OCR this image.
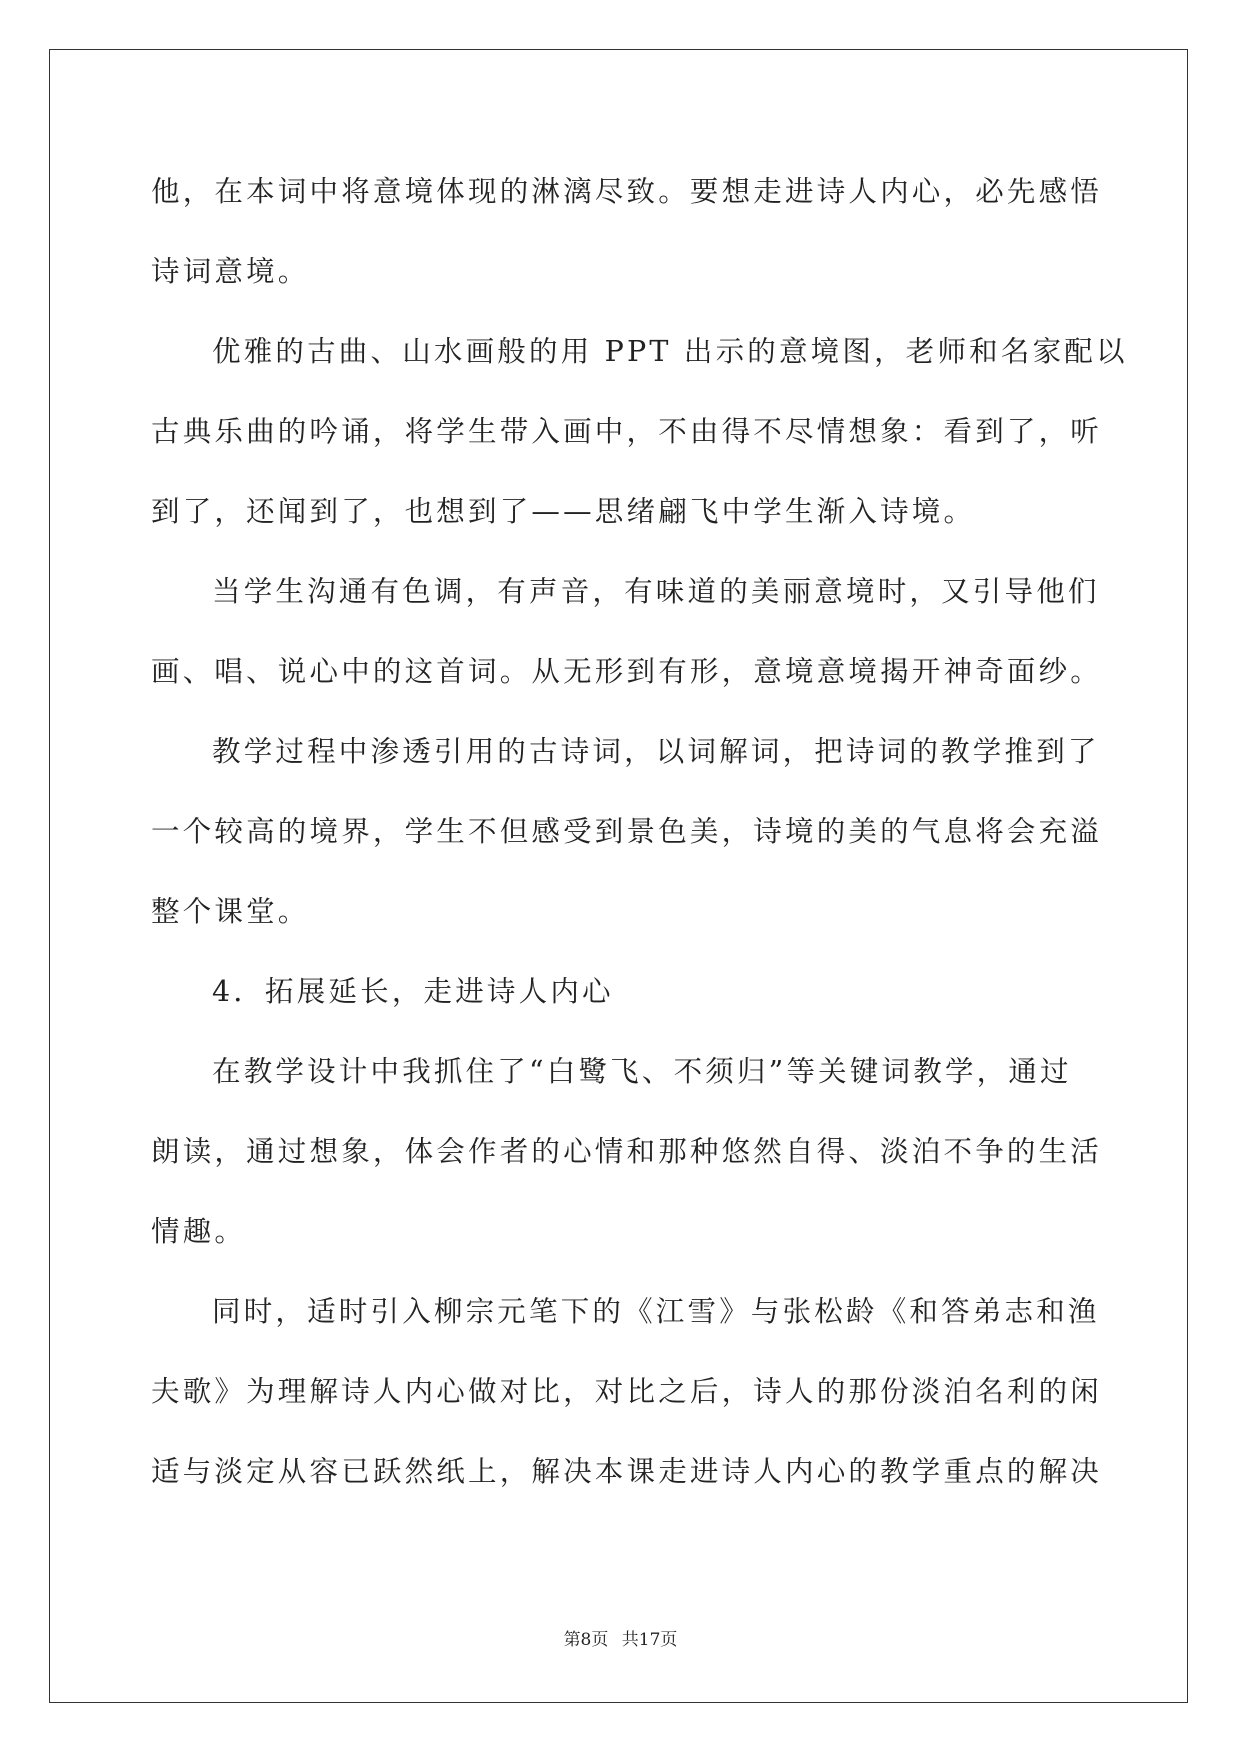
他，在本词中将意境体现的淋漓尽致。要想走进诗人内心，必先感悟
诗词意境。
优雅的古曲、山水画般的用 PPT 出示的意境图，老师和名家配以
古典乐曲的吟诵，将学生带入画中，不由得不尽情想象：看到了，听
到了，还闻到了，也想到了——思绪翩飞中学生渐入诗境。
当学生沟通有色调，有声音，有味道的美丽意境时，又引导他们
画、唱、说心中的这首词。从无形到有形，意境意境揭开神奇面纱。
教学过程中渗透引用的古诗词，以词解词，把诗词的教学推到了
一个较高的境界，学生不但感受到景色美，诗境的美的气息将会充溢
整个课堂。
4．拓展延长，走进诗人内心
在教学设计中我抓住了“白鹭飞、不须归”等关键词教学，通过
朗读，通过想象，体会作者的心情和那种悠然自得、淡泊不争的生活
情趣。
同时，适时引入柳宗元笔下的《江雪》与张松龄《和答弟志和渔
夫歌》为理解诗人内心做对比，对比之后，诗人的那份淡泊名利的闲
适与淡定从容已跃然纸上，解决本课走进诗人内心的教学重点的解决
第8页 共17页
